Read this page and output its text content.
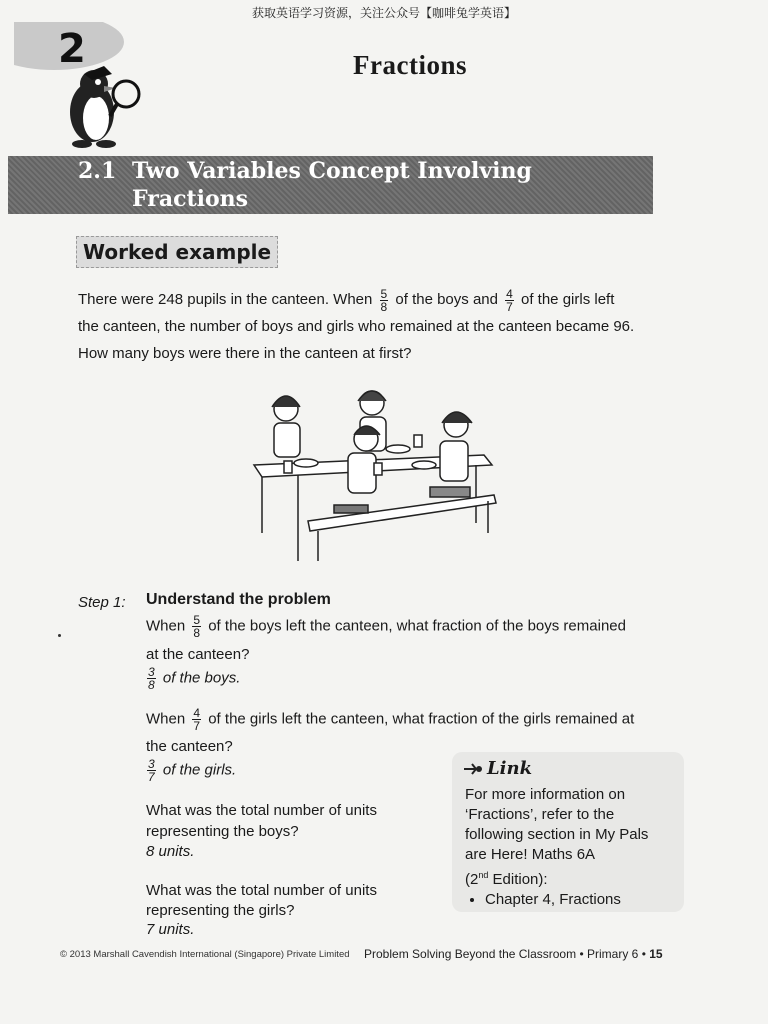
获取英语学习资源，关注公众号【咖啡兔学英语】
2	Fractions
2.1 Two Variables Concept Involving
Fractions
Worked example
There were 248 pupils in the canteen. When $\frac{5}{8}$ of the boys and $\frac{4}{7}$ of the girls left
the canteen, the number of boys and girls who remained at the canteen became 96.
How many boys were there in the canteen at first?
Step 1: Understand the problem
When $\frac{5}{8}$ of the boys left the canteen, what fraction of the boys remained
at the canteen?
$\frac{3}{8}$ of the boys.
When $\frac{4}{7}$ of the girls left the canteen, what fraction of the girls remained at
the canteen?
$\frac{3}{7}$ of the girls.
What was the total number of units
representing the boys?
8 units.
What was the total number of units
representing the girls?
7 units.
Link
For more information on
‘Fractions’, refer to the
following section in My Pals
are Here! Maths 6A
(2nd Edition):
• Chapter 4, Fractions
© 2013 Marshall Cavendish International (Singapore) Private Limited Problem Solving Beyond the Classroom • Primary 6 • 15
